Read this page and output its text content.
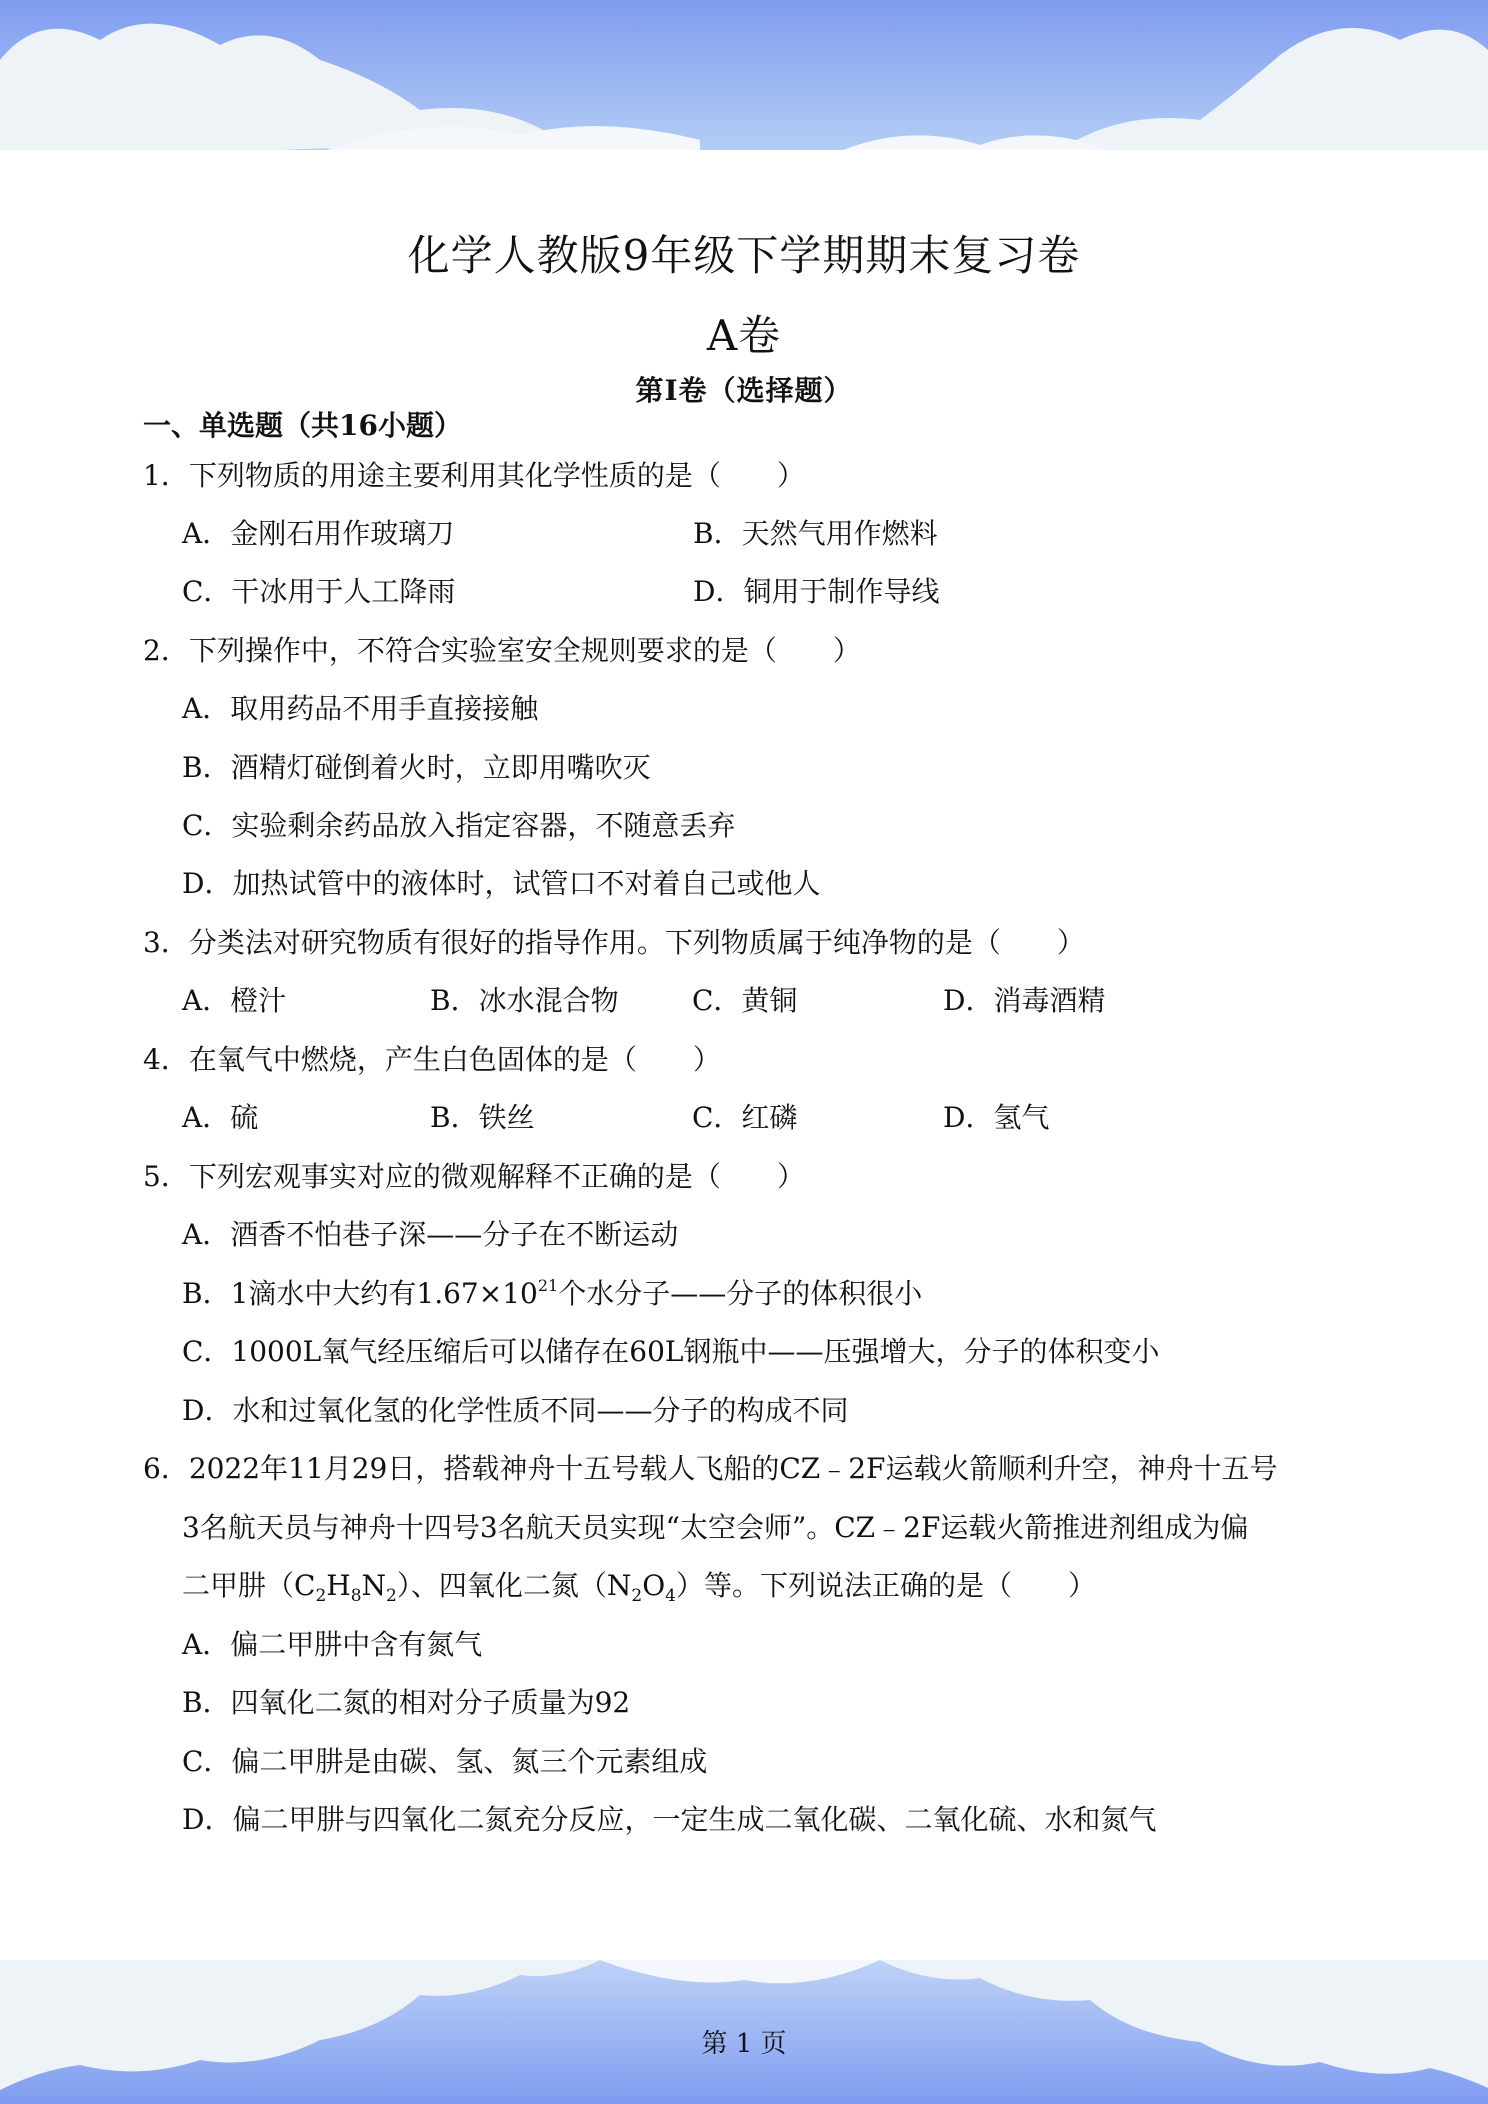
化学人教版9年级下学期期末复习卷
A卷
第I卷（选择题）
一、单选题（共16小题）
1．下列物质的用途主要利用其化学性质的是（　　）
A．金刚石用作玻璃刀	B．天然气用作燃料
C．干冰用于人工降雨	D．铜用于制作导线
2．下列操作中，不符合实验室安全规则要求的是（　　）
A．取用药品不用手直接接触
B．酒精灯碰倒着火时，立即用嘴吹灭
C．实验剩余药品放入指定容器，不随意丢弃
D．加热试管中的液体时，试管口不对着自己或他人
3．分类法对研究物质有很好的指导作用。下列物质属于纯净物的是（　　）
A．橙汁	B．冰水混合物	C．黄铜	D．消毒酒精
4．在氧气中燃烧，产生白色固体的是（　　）
A．硫	B．铁丝	C．红磷	D．氢气
5．下列宏观事实对应的微观解释不正确的是（　　）
A．酒香不怕巷子深——分子在不断运动
B．1滴水中大约有$1.67\times 10^{21}$个水分子——分子的体积很小
C．1000L氧气经压缩后可以储存在60L钢瓶中——压强增大，分子的体积变小
D．水和过氧化氢的化学性质不同——分子的构成不同
6．2022年11月29日，搭载神舟十五号载人飞船的CZ﹣2F运载火箭顺利升空，神舟十五号
3名航天员与神舟十四号3名航天员实现“太空会师”。CZ﹣2F运载火箭推进剂组成为偏
二甲肼$(C_2H_8N_2)$、四氧化二氮$(N_2O_4)$等。下列说法正确的是（　　）
A．偏二甲肼中含有氮气
B．四氧化二氮的相对分子质量为92
C．偏二甲肼是由碳、氢、氮三个元素组成
D．偏二甲肼与四氧化二氮充分反应，一定生成二氧化碳、二氧化硫、水和氮气
第 1 页
